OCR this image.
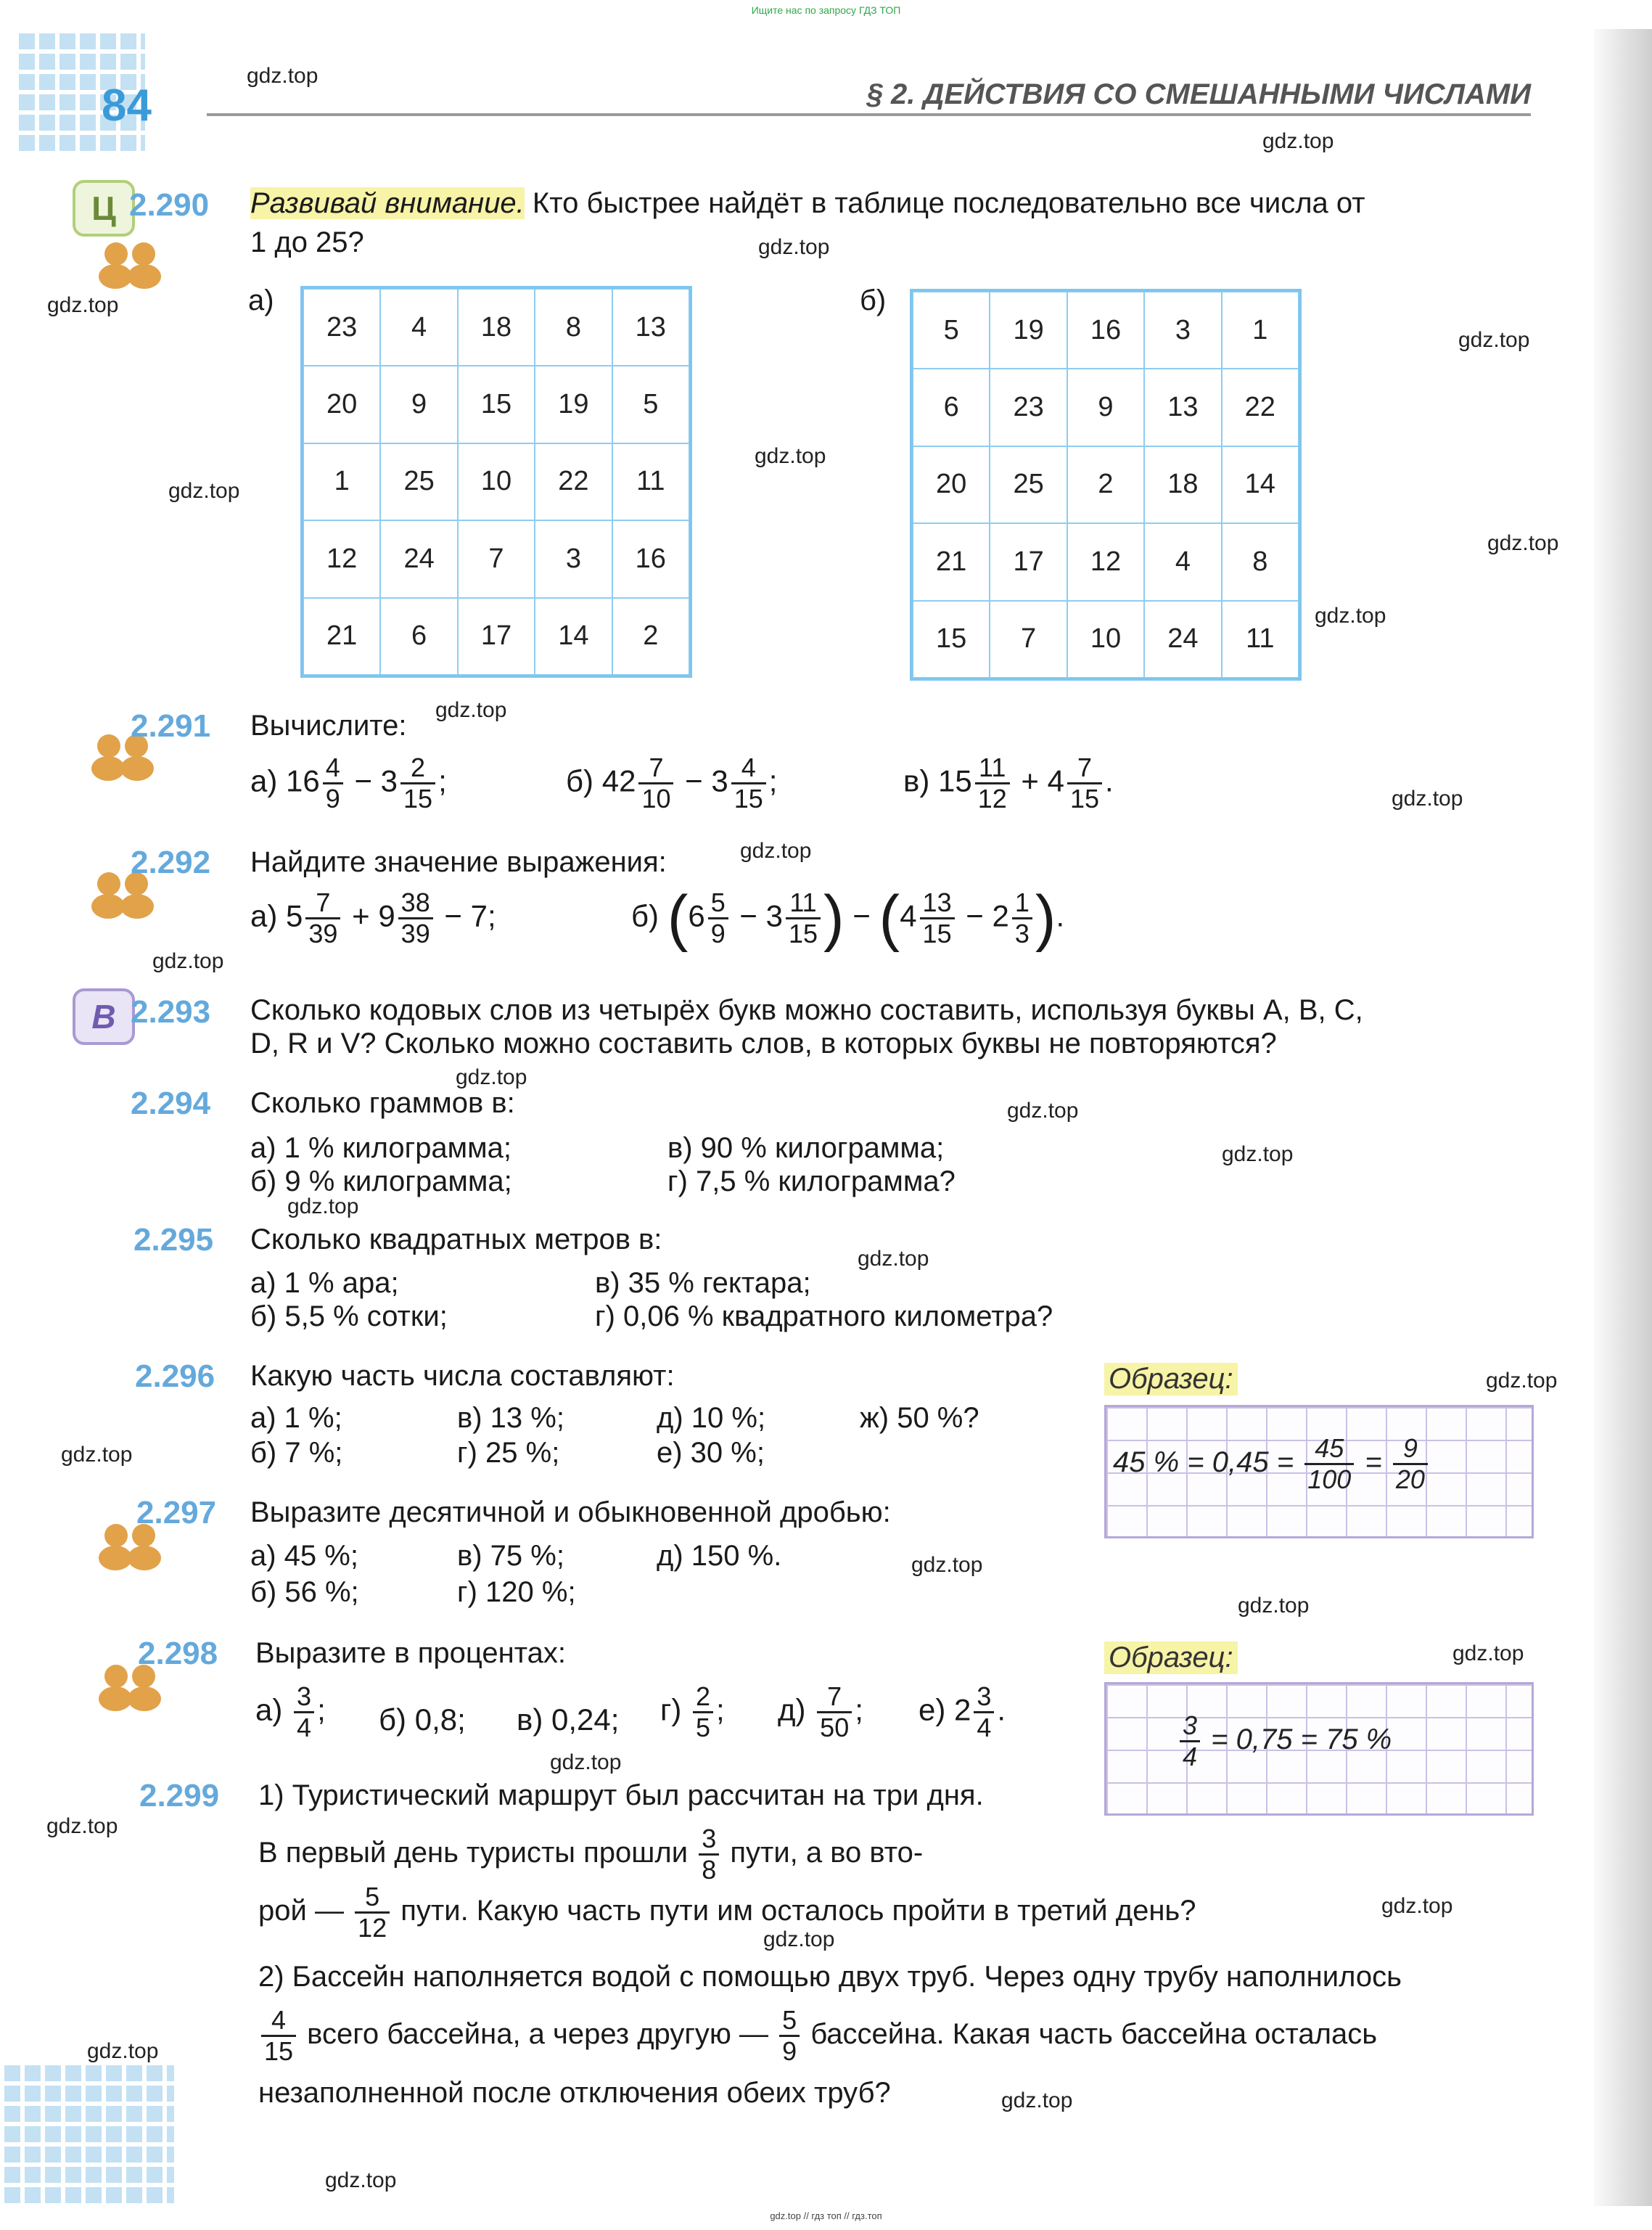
Ищите нас по запросу ГДЗ ТОП
84	§ 2. ДЕЙСТВИЯ СО СМЕШАННЫМИ ЧИСЛАМИ
gdz.top
gdz.top
gdz.top
gdz.top
gdz.top
gdz.top
gdz.top
gdz.top
gdz.top
gdz.top
gdz.top
gdz.top
gdz.top
gdz.top
gdz.top
gdz.top
gdz.top
gdz.top
gdz.top
gdz.top
gdz.top
gdz.top
gdz.top
gdz.top
gdz.top
gdz.top
gdz.top
gdz.top
gdz.top
gdz.top
Ц 2.290 Развивай внимание. Кто быстрее найдёт в таблице последовательно все числа от
1 до 25?
а)
23	4	18	8	13
20	9	15	19	5
1	25	10	22	11
12	24	7	3	16
21	6	17	14	2
б)
5	19	16	3	1
6	23	9	13	22
20	25	2	18	14
21	17	12	4	8
15	7	10	24	11
2.291 Вычислите:
а) $16 \frac{4}{9} - 3 \frac{2}{15}$ ;	б) $42 \frac{7}{10} - 3 \frac{4}{15}$ ;	в) $15 \frac{11}{12} + 4 \frac{7}{15}$ .
2.292 Найдите значение выражения:
а) $5 \frac{7}{39} + 9 \frac{38}{39} - 7$;	б) ($6 \frac{5}{9} - 3 \frac{11}{15}$ ) − ($4 \frac{13}{15} - 2 \frac{1}{3}$ ).
В 2.293 Сколько кодовых слов из четырёх букв можно составить, используя буквы A, B, C,
D, R и V? Сколько можно составить слов, в которых буквы не повторяются?
2.294 Сколько граммов в:
а) 1 % килограмма;
б) 9 % килограмма;
в) 90 % килограмма;
г) 7,5 % килограмма?
2.295 Сколько квадратных метров в:
а) 1 % ара;
б) 5,5 % сотки;
в) 35 % гектара;
г) 0,06 % квадратного километра?
2.296 Какую часть числа составляют:
а) 1 %;
б) 7 %;
в) 13 %;
г) 25 %;
д) 10 %;
е) 30 %;
ж) 50 %?
Образец:
45 % = $0,45 = \frac{45}{100} = \frac{9}{20}$
2.297 Выразите десятичной и обыкновенной дробью:
а) 45 %;
б) 56 %;
в) 75 %;
г) 120 %;
д) 150 %.
2.298 Выразите в процентах:
$а) \frac{3}{4}$ ; б) 0,8; в) 0,24; $г) \frac{2}{5}$ ; $д) \frac{7}{50}$ ; е) $2 \frac{3}{4}$ .
Образец:
$\frac{3}{4} = 0,75 = 75$ %
2.299 1) Туристический маршрут был рассчитан на три дня.
В первый день туристы прошли $\frac{3}{8}$ пути, а во вто-
рой — $\frac{5}{12}$ пути. Какую часть пути им осталось пройти в третий день?
2) Бассейн наполняется водой с помощью двух труб. Через одну трубу наполнилось
$\frac{4}{15}$ всего бассейна, а через другую — $\frac{5}{9}$ бассейна. Какая часть бассейна осталась
незаполненной после отключения обеих труб?
gdz.top // гдз топ // гдз.топ
